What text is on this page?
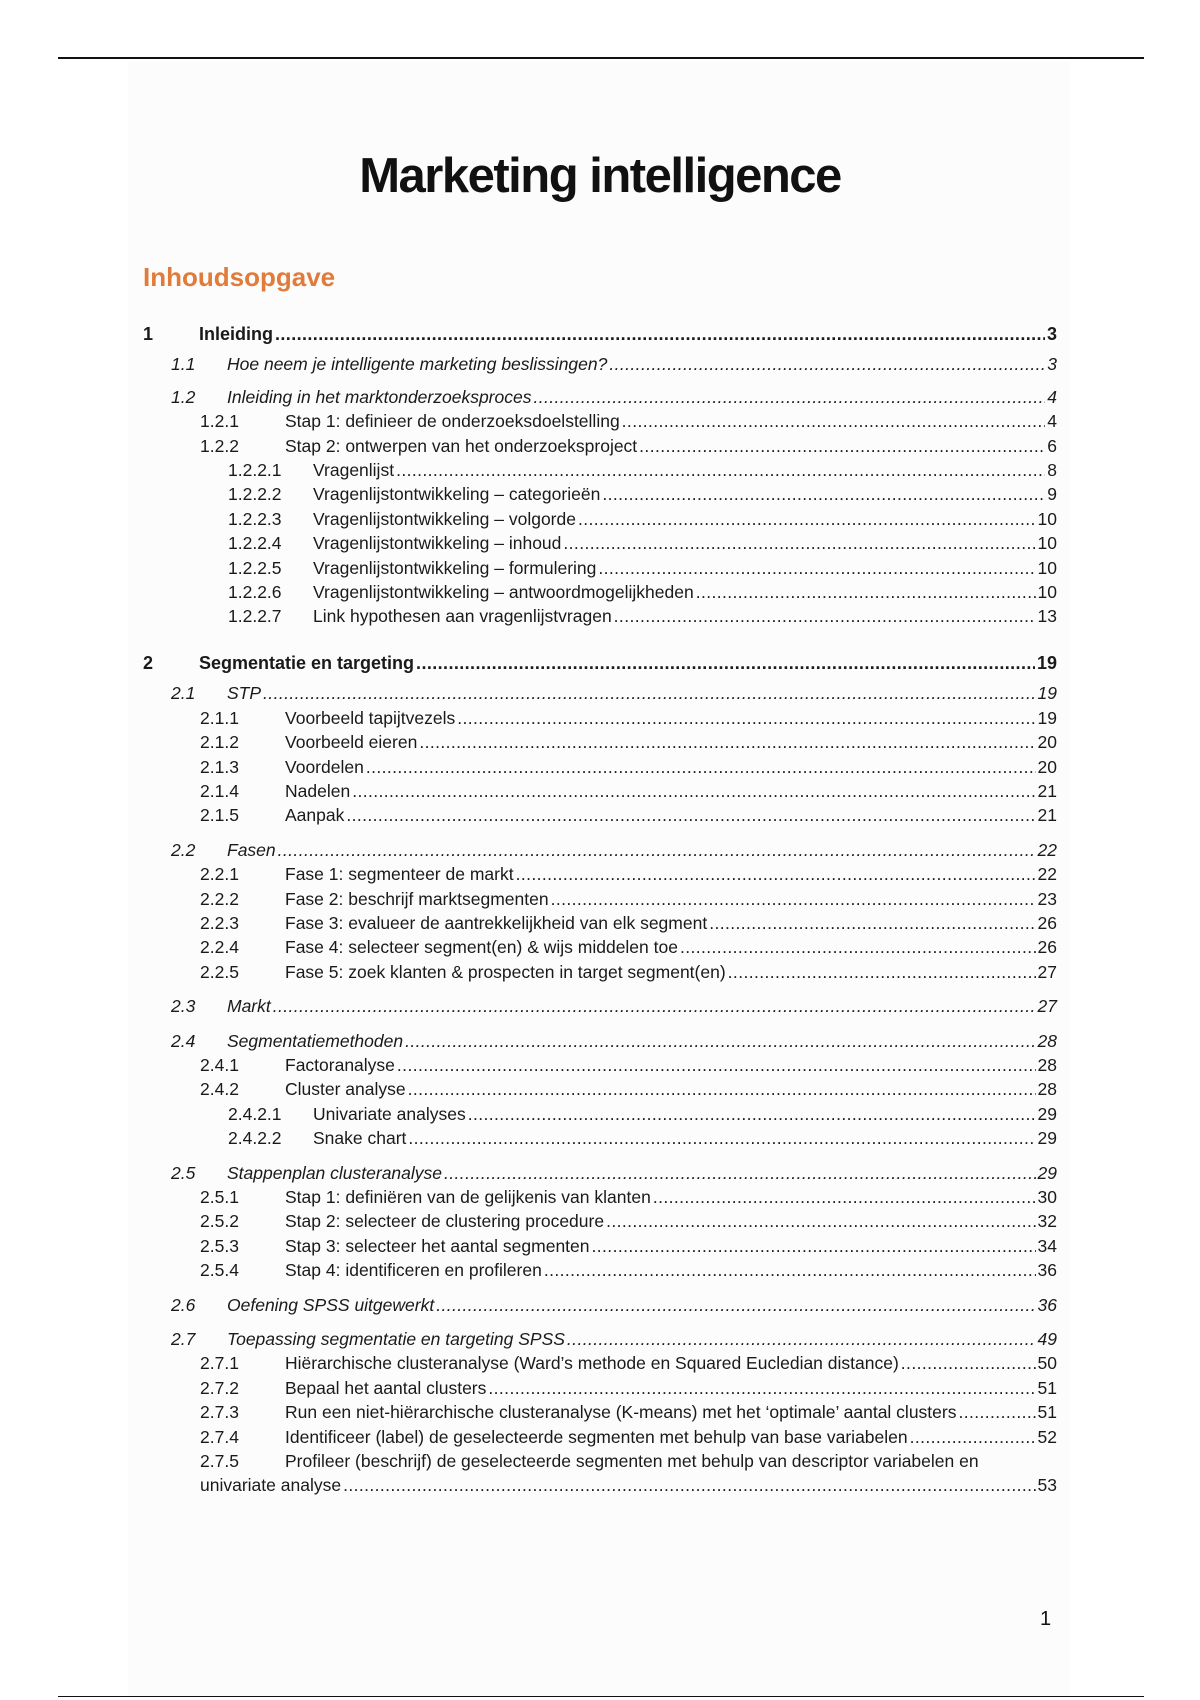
Marketing intelligence
Inhoudsopgave
1	Inleiding .....	3
1.1	Hoe neem je intelligente marketing beslissingen? .....	3
1.2	Inleiding in het marktonderzoeksproces .....	4
1.2.1	Stap 1: definieer de onderzoeksdoelstelling .....	4
1.2.2	Stap 2: ontwerpen van het onderzoeksproject .....	6
1.2.2.1	Vragenlijst .....	8
1.2.2.2	Vragenlijstontwikkeling – categorieën .....	9
1.2.2.3	Vragenlijstontwikkeling – volgorde .....	10
1.2.2.4	Vragenlijstontwikkeling – inhoud .....	10
1.2.2.5	Vragenlijstontwikkeling – formulering .....	10
1.2.2.6	Vragenlijstontwikkeling – antwoordmogelijkheden .....	10
1.2.2.7	Link hypothesen aan vragenlijstvragen .....	13
2	Segmentatie en targeting .....	19
2.1	STP .....	19
2.1.1	Voorbeeld tapijtvezels .....	19
2.1.2	Voorbeeld eieren .....	20
2.1.3	Voordelen .....	20
2.1.4	Nadelen .....	21
2.1.5	Aanpak .....	21
2.2	Fasen .....	22
2.2.1	Fase 1: segmenteer de markt .....	22
2.2.2	Fase 2: beschrijf marktsegmenten .....	23
2.2.3	Fase 3: evalueer de aantrekkelijkheid van elk segment .....	26
2.2.4	Fase 4: selecteer segment(en) & wijs middelen toe .....	26
2.2.5	Fase 5: zoek klanten & prospecten in target segment(en) .....	27
2.3	Markt .....	27
2.4	Segmentatiemethoden .....	28
2.4.1	Factoranalyse .....	28
2.4.2	Cluster analyse .....	28
2.4.2.1	Univariate analyses .....	29
2.4.2.2	Snake chart .....	29
2.5	Stappenplan clusteranalyse .....	29
2.5.1	Stap 1: definiëren van de gelijkenis van klanten .....	30
2.5.2	Stap 2: selecteer de clustering procedure .....	32
2.5.3	Stap 3: selecteer het aantal segmenten .....	34
2.5.4	Stap 4: identificeren en profileren .....	36
2.6	Oefening SPSS uitgewerkt .....	36
2.7	Toepassing segmentatie en targeting SPSS .....	49
2.7.1	Hiërarchische clusteranalyse (Ward’s methode en Squared Eucledian distance) .....	50
2.7.2	Bepaal het aantal clusters .....	51
2.7.3	Run een niet-hiërarchische clusteranalyse (K-means) met het ‘optimale’ aantal clusters .....	51
2.7.4	Identificeer (label) de geselecteerde segmenten met behulp van base variabelen .....	52
2.7.5	Profileer (beschrijf) de geselecteerde segmenten met behulp van descriptor variabelen en
univariate analyse .....	53
1
